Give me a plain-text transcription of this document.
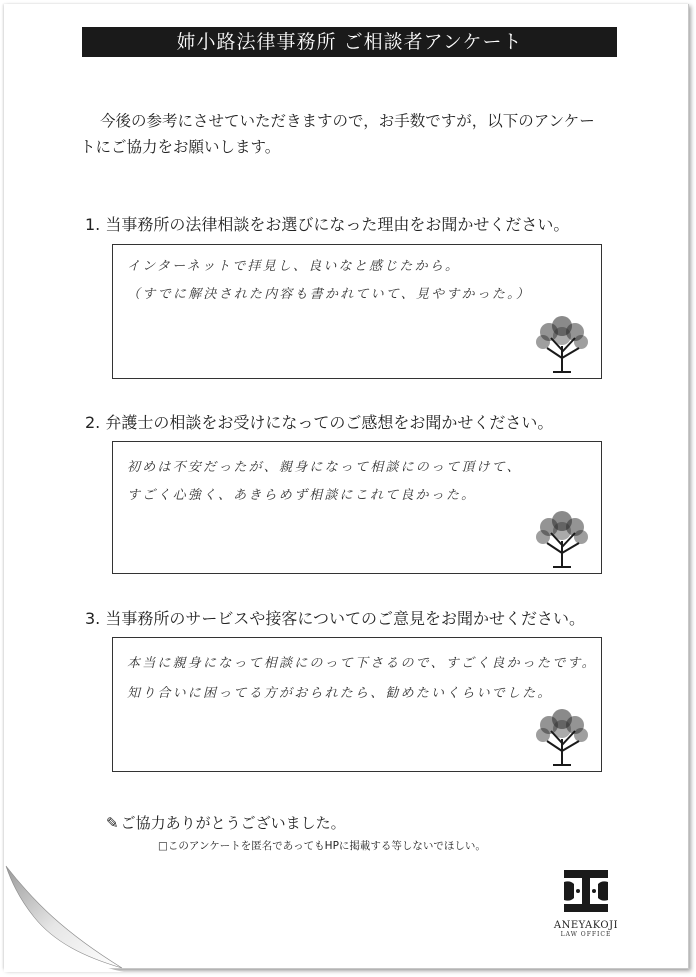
姉小路法律事務所 ご相談者アンケート
今後の参考にさせていただきますので，お手数ですが，以下のアンケー
トにご協力をお願いします。
1. 当事務所の法律相談をお選びになった理由をお聞かせください。
インターネットで拝見し、良いなと感じたから。
（すでに解決された内容も書かれていて、見やすかった。）
2. 弁護士の相談をお受けになってのご感想をお聞かせください。
初めは不安だったが、親身になって相談にのって頂けて、
すごく心強く、あきらめず相談にこれて良かった。
3. 当事務所のサービスや接客についてのご意見をお聞かせください。
本当に親身になって相談にのって下さるので、すごく良かったです。
知り合いに困ってる方がおられたら、勧めたいくらいでした。
✎ ご協力ありがとうございました。
□このアンケートを匿名であってもHPに掲載する等しないでほしい。
ANEYAKOJI
LAW OFFICE
